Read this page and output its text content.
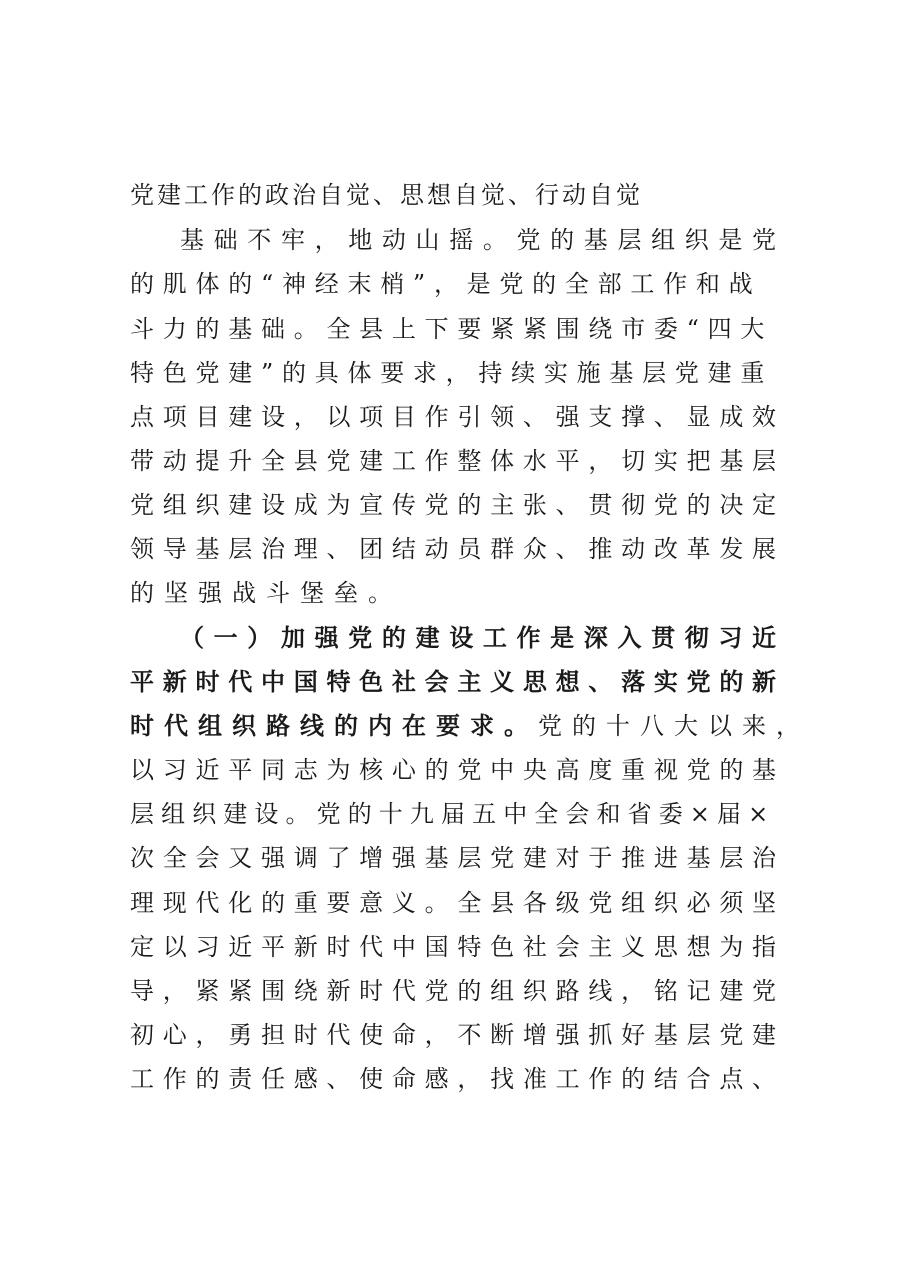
党建工作的政治自觉、思想自觉、行动自觉
基础不牢，地动山摇。党的基层组织是党
的肌体的“神经末梢”，是党的全部工作和战
斗力的基础。全县上下要紧紧围绕市委“四大
特色党建”的具体要求，持续实施基层党建重
点项目建设，以项目作引领、强支撑、显成效
带动提升全县党建工作整体水平，切实把基层
党组织建设成为宣传党的主张、贯彻党的决定
领导基层治理、团结动员群众、推动改革发展
的坚强战斗堡垒。
（一）加强党的建设工作是深入贯彻习近
平新时代中国特色社会主义思想、落实党的新
时代组织路线的内在要求。党的十八大以来，
以习近平同志为核心的党中央高度重视党的基
层组织建设。党的十九届五中全会和省委×届×
次全会又强调了增强基层党建对于推进基层治
理现代化的重要意义。全县各级党组织必须坚
定以习近平新时代中国特色社会主义思想为指
导，紧紧围绕新时代党的组织路线，铭记建党
初心，勇担时代使命，不断增强抓好基层党建
工作的责任感、使命感，找准工作的结合点、
